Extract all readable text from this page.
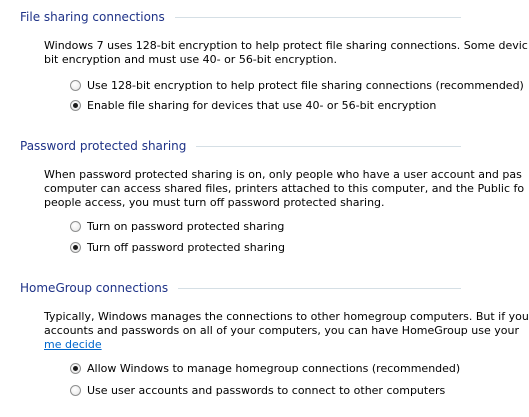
File sharing connections
Windows 7 uses 128-bit encryption to help protect file sharing connections. Some devic
bit encryption and must use 40- or 56-bit encryption.
Use 128-bit encryption to help protect file sharing connections (recommended)
Enable file sharing for devices that use 40- or 56-bit encryption
Password protected sharing
When password protected sharing is on, only people who have a user account and pas
computer can access shared files, printers attached to this computer, and the Public fo
people access, you must turn off password protected sharing.
Turn on password protected sharing
Turn off password protected sharing
HomeGroup connections
Typically, Windows manages the connections to other homegroup computers. But if you
accounts and passwords on all of your computers, you can have HomeGroup use your
me decide
Allow Windows to manage homegroup connections (recommended)
Use user accounts and passwords to connect to other computers
